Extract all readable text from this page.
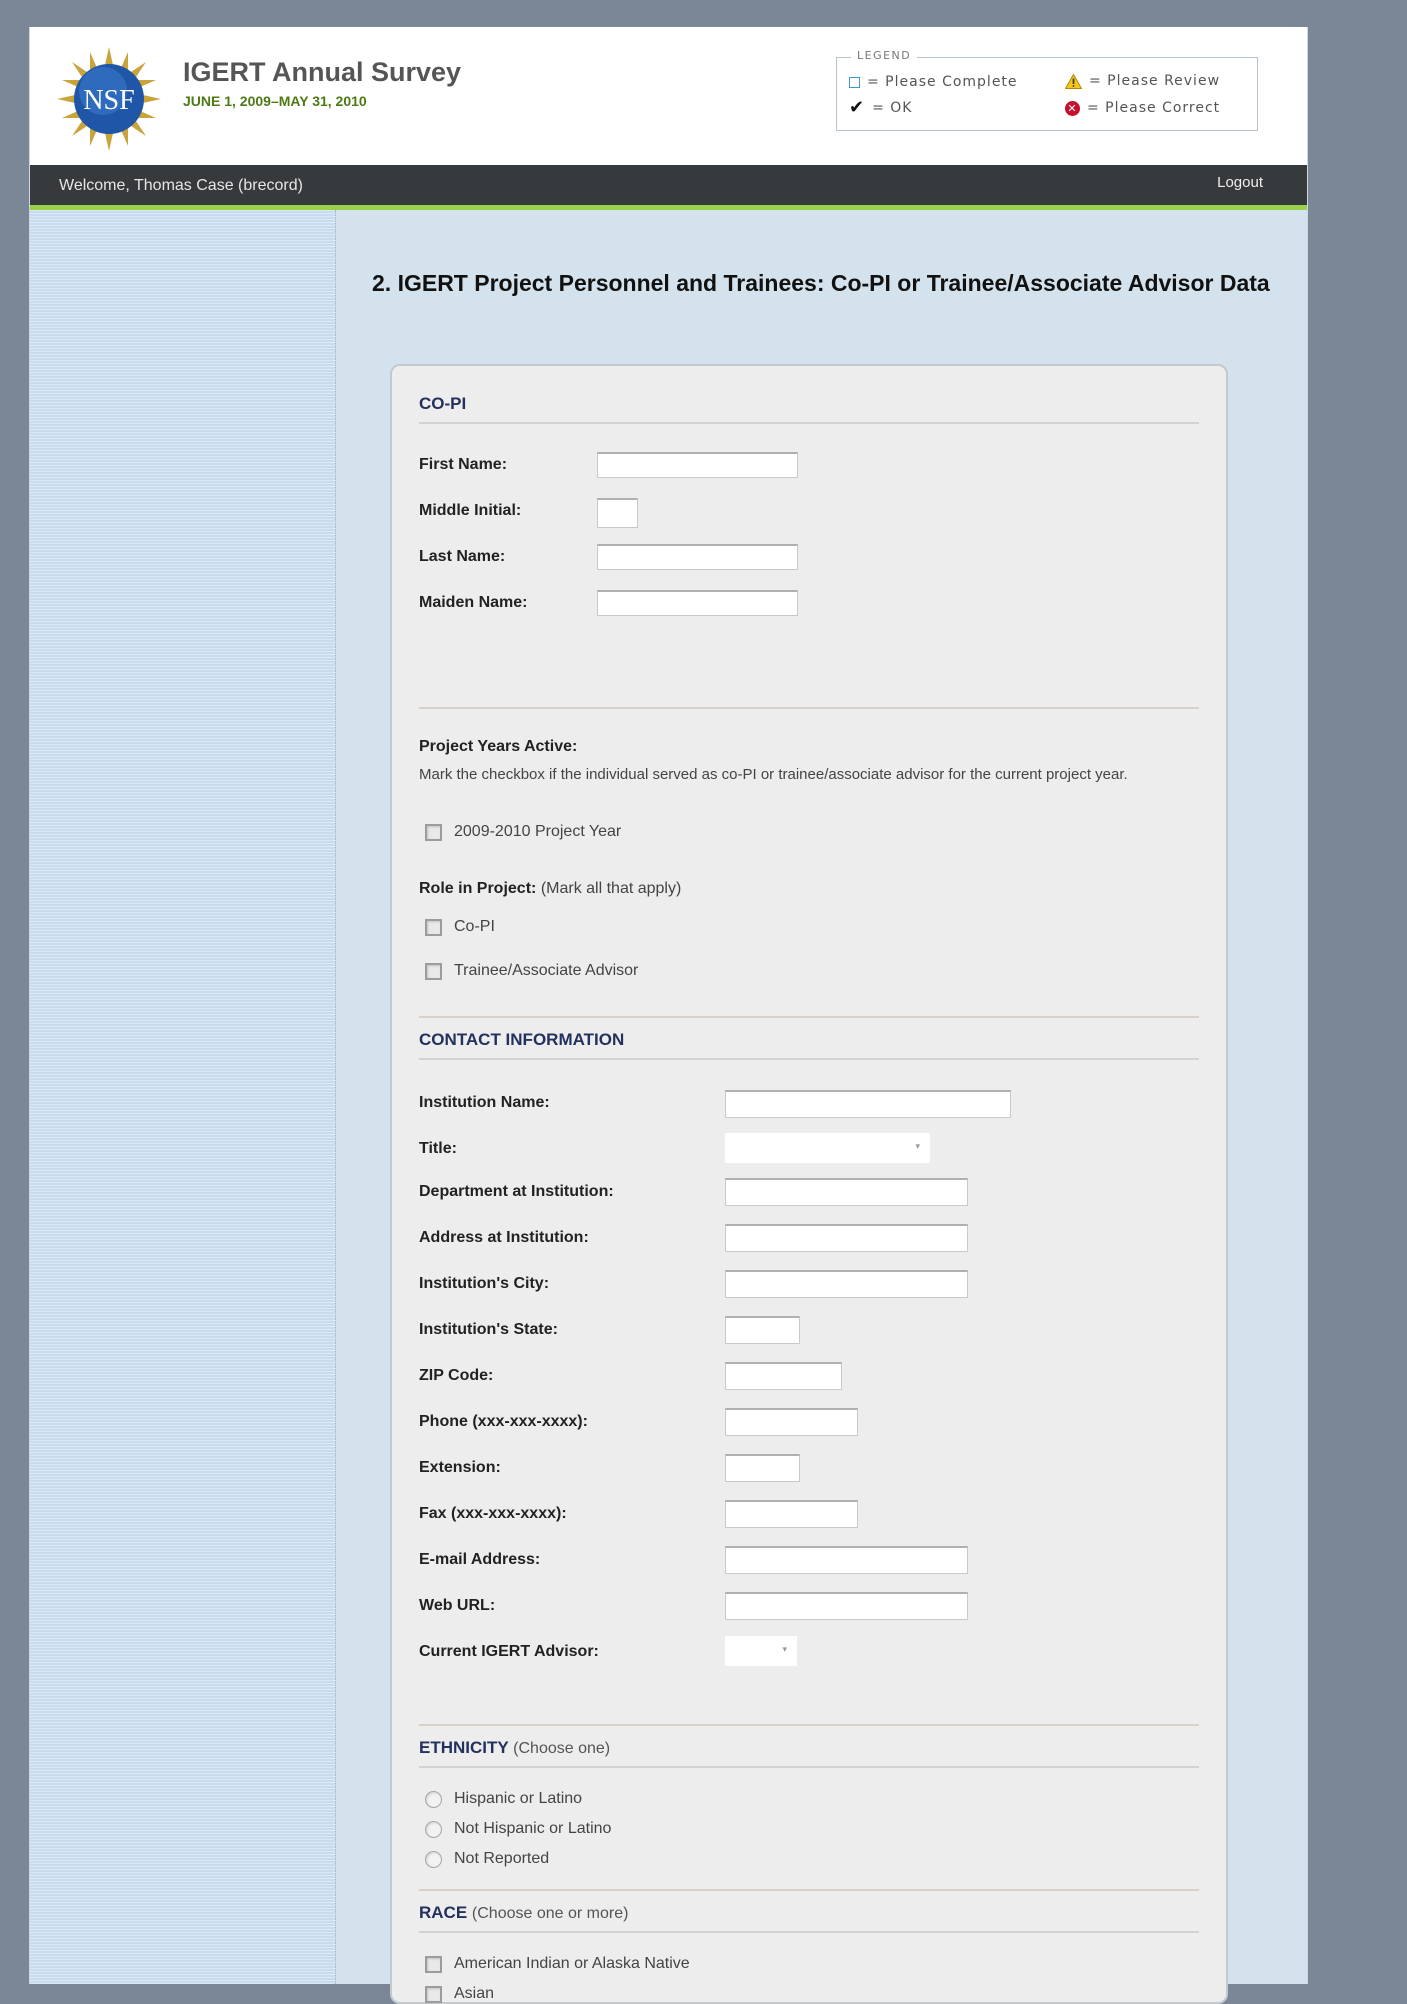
NSF
IGERT Annual Survey
JUNE 1, 2009–MAY 31, 2010
LEGEND
= Please Complete
✔ = OK
= Please Review
✕ = Please Correct
Welcome, Thomas Case (brecord)	Logout
2. IGERT Project Personnel and Trainees: Co-PI or Trainee/Associate Advisor Data
CO-PI
First Name:
Middle Initial:
Last Name:
Maiden Name:
Project Years Active:
Mark the checkbox if the individual served as co-PI or trainee/associate advisor for the current project year.
2009-2010 Project Year
Role in Project: (Mark all that apply)
Co-PI
Trainee/Associate Advisor
CONTACT INFORMATION
Institution Name:
Title:	▾
Department at Institution:
Address at Institution:
Institution's City:
Institution's State:
ZIP Code:
Phone (xxx-xxx-xxxx):
Extension:
Fax (xxx-xxx-xxxx):
E-mail Address:
Web URL:
Current IGERT Advisor:	▾
ETHNICITY (Choose one)
Hispanic or Latino
Not Hispanic or Latino
Not Reported
RACE (Choose one or more)
American Indian or Alaska Native
Asian
